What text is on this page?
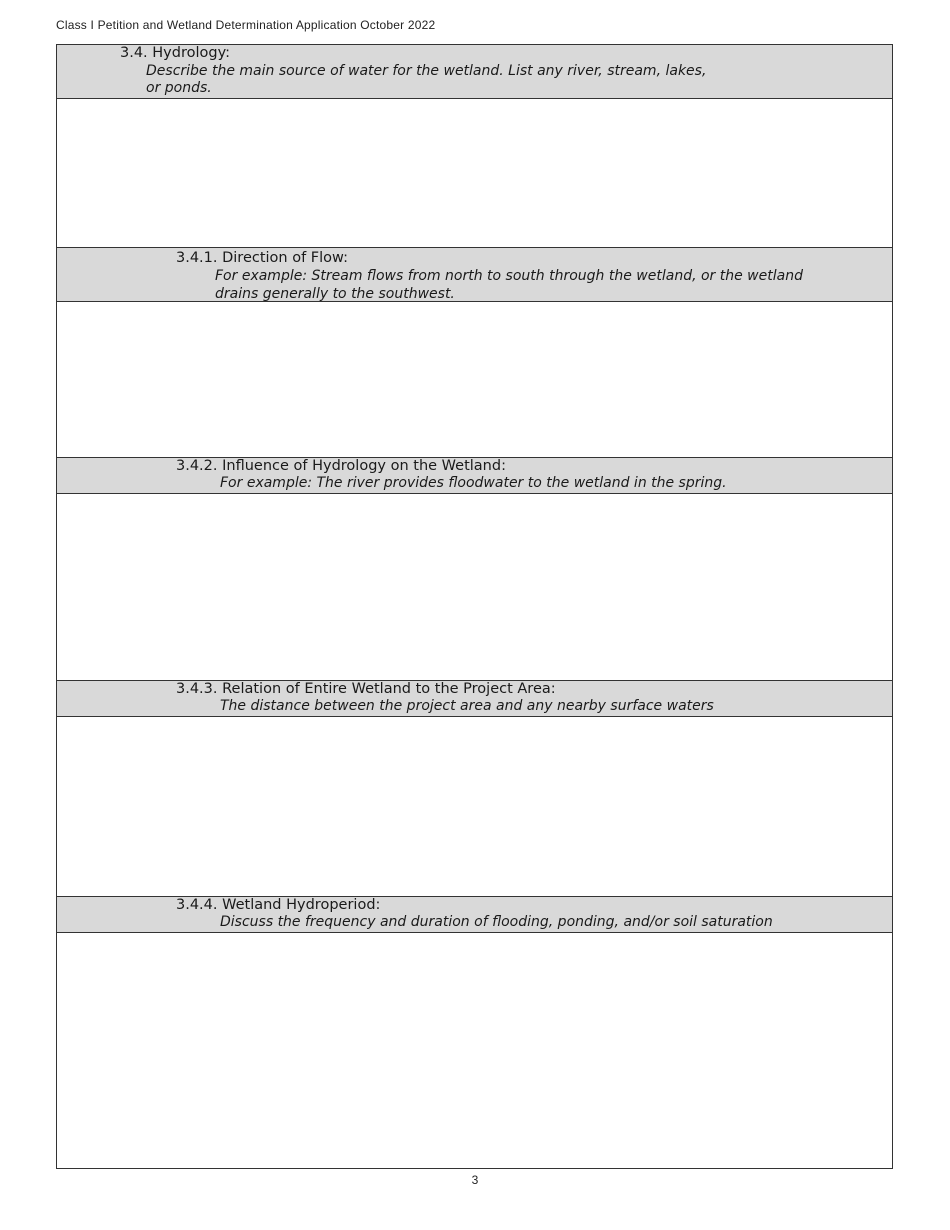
Class I Petition and Wetland Determination Application October 2022
3.4. Hydrology:
Describe the main source of water for the wetland. List any river, stream, lakes,
or ponds.
3.4.1. Direction of Flow:
For example: Stream flows from north to south through the wetland, or the wetland
drains generally to the southwest.
3.4.2. Influence of Hydrology on the Wetland:
For example: The river provides floodwater to the wetland in the spring.
3.4.3. Relation of Entire Wetland to the Project Area:
The distance between the project area and any nearby surface waters
3.4.4. Wetland Hydroperiod:
Discuss the frequency and duration of flooding, ponding, and/or soil saturation
3
